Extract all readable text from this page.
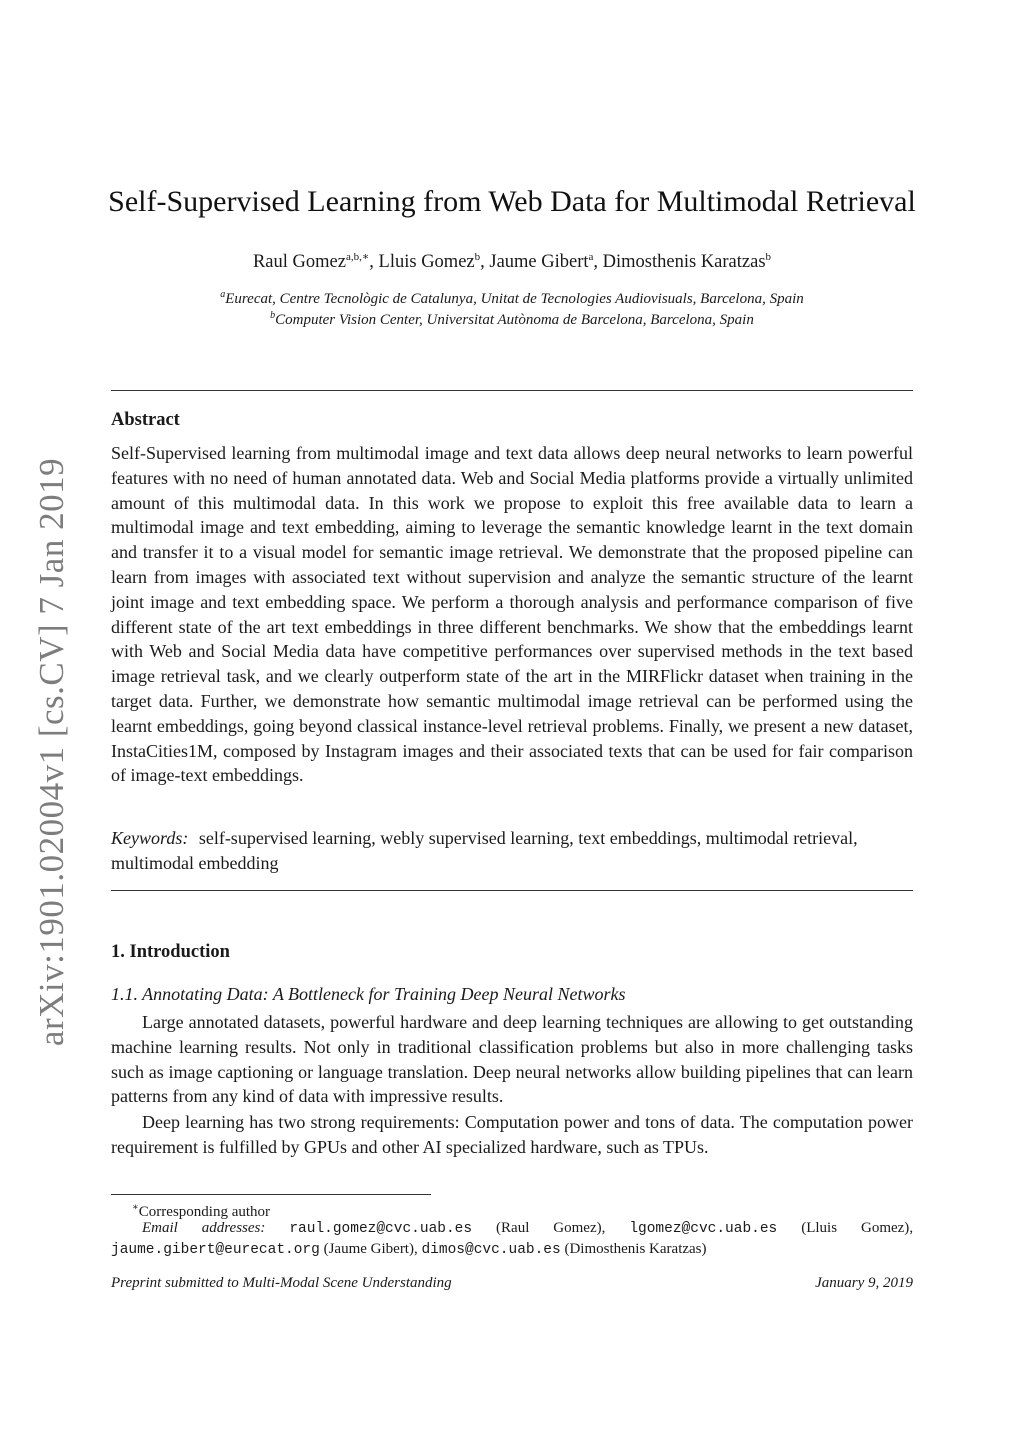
arXiv:1901.02004v1 [cs.CV] 7 Jan 2019
Self-Supervised Learning from Web Data for Multimodal Retrieval
Raul Gomez$^{a,b,∗}$, Lluis Gomez$^b$, Jaume Gibert$^a$, Dimosthenis Karatzas$^b$
$^a$Eurecat, Centre Tecnològic de Catalunya, Unitat de Tecnologies Audiovisuals, Barcelona, Spain
$^b$Computer Vision Center, Universitat Autònoma de Barcelona, Barcelona, Spain
Abstract

Self-Supervised learning from multimodal image and text data allows deep neural networks to learn powerful features with no need of human annotated data. Web and Social Media platforms provide a virtually unlimited amount of this multimodal data. In this work we propose to exploit this free available data to learn a multimodal image and text embedding, aiming to leverage the semantic knowledge learnt in the text domain and transfer it to a visual model for semantic image retrieval. We demonstrate that the proposed pipeline can learn from images with associated text without supervision and analyze the semantic structure of the learnt joint image and text embedding space. We perform a thorough analysis and performance comparison of five different state of the art text embeddings in three different benchmarks. We show that the embeddings learnt with Web and Social Media data have competitive performances over supervised methods in the text based image retrieval task, and we clearly outperform state of the art in the MIRFlickr dataset when training in the target data. Further, we demonstrate how semantic multimodal image retrieval can be performed using the learnt embeddings, going beyond classical instance-level retrieval problems. Finally, we present a new dataset, InstaCities1M, composed by Instagram images and their associated texts that can be used for fair comparison of image-text embeddings.

Keywords: self-supervised learning, webly supervised learning, text embeddings, multimodal retrieval, multimodal embedding

1. Introduction
1.1. Annotating Data: A Bottleneck for Training Deep Neural Networks

Large annotated datasets, powerful hardware and deep learning techniques are allowing to get outstanding machine learning results. Not only in traditional classification problems but also in more challenging tasks such as image captioning or language translation. Deep neural networks allow building pipelines that can learn patterns from any kind of data with impressive results.

Deep learning has two strong requirements: Computation power and tons of data. The computation power requirement is fulfilled by GPUs and other AI specialized hardware, such as TPUs.

∗Corresponding author

Email addresses: raul.gomez@cvc.uab.es (Raul Gomez), lgomez@cvc.uab.es (Lluis Gomez), jaume.gibert@eurecat.org (Jaume Gibert), dimos@cvc.uab.es (Dimosthenis Karatzas)

Preprint submitted to Multi-Modal Scene Understanding	January 9, 2019
